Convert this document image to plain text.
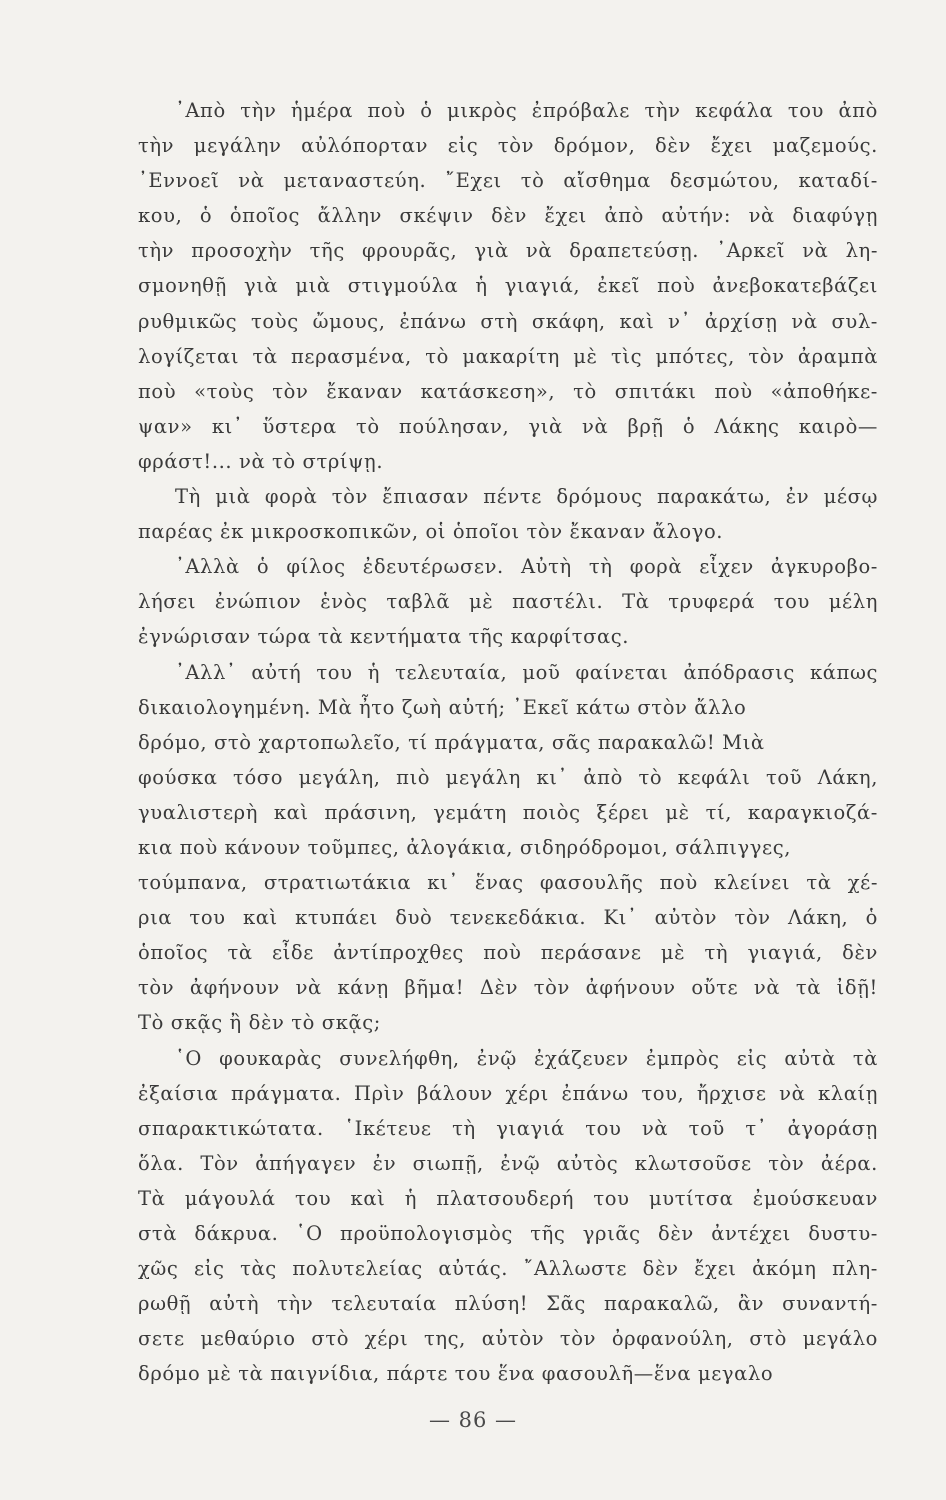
᾽Απὸ τὴν ἡμέρα ποὺ ὁ μικρὸς ἐπρόβαλε τὴν κεφάλα του ἀπὸ
τὴν μεγάλην αὐλόπορταν εἰς τὸν δρόμον, δὲν ἔχει μαζεμούς.
᾽Εννοεῖ νὰ μεταναστεύη. ῎Εχει τὸ αἴσθημα δεσμώτου, καταδί-
κου, ὁ ὁποῖος ἄλλην σκέψιν δὲν ἔχει ἀπὸ αὐτήν: νὰ διαφύγῃ
τὴν προσοχὴν τῆς φρουρᾶς, γιὰ νὰ δραπετεύσῃ. ᾽Αρκεῖ νὰ λη-
σμονηθῇ γιὰ μιὰ στιγμούλα ἡ γιαγιά, ἐκεῖ ποὺ ἀνεβοκατεβάζει
ρυθμικῶς τοὺς ὤμους, ἐπάνω στὴ σκάφη, καὶ ν᾽ ἀρχίσῃ νὰ συλ-
λογίζεται τὰ περασμένα, τὸ μακαρίτη μὲ τὶς μπότες, τὸν ἀραμπὰ
ποὺ «τοὺς τὸν ἔκαναν κατάσκεση», τὸ σπιτάκι ποὺ «ἀποθήκε-
ψαν» κι᾽ ὕστερα τὸ πούλησαν, γιὰ νὰ βρῇ ὁ Λάκης καιρὸ—
φράστ!... νὰ τὸ στρίψῃ.
Τὴ μιὰ φορὰ τὸν ἔπιασαν πέντε δρόμους παρακάτω, ἐν μέσῳ
παρέας ἐκ μικροσκοπικῶν, οἱ ὁποῖοι τὸν ἔκαναν ἄλογο.
᾽Αλλὰ ὁ φίλος ἐδευτέρωσεν. Αὐτὴ τὴ φορὰ εἶχεν ἀγκυροβο-
λήσει ἐνώπιον ἑνὸς ταβλᾶ μὲ παστέλι. Τὰ τρυφερά του μέλη
ἐγνώρισαν τώρα τὰ κεντήματα τῆς καρφίτσας.
᾽Αλλ᾽ αὐτή του ἡ τελευταία, μοῦ φαίνεται ἀπόδρασις κάπως
δικαιολογημένη. Μὰ ἦτο ζωὴ αὐτή; ᾽Εκεῖ κάτω στὸν ἄλλο
δρόμο, στὸ χαρτοπωλεῖο, τί πράγματα, σᾶς παρακαλῶ! Μιὰ
φούσκα τόσο μεγάλη, πιὸ μεγάλη κι᾽ ἀπὸ τὸ κεφάλι τοῦ Λάκη,
γυαλιστερὴ καὶ πράσινη, γεμάτη ποιὸς ξέρει μὲ τί, καραγκιοζά-
κια ποὺ κάνουν τοῦμπες, ἀλογάκια, σιδηρόδρομοι, σάλπιγγες,
τούμπανα, στρατιωτάκια κι᾽ ἕνας φασουλῆς ποὺ κλείνει τὰ χέ-
ρια του καὶ κτυπάει δυὸ τενεκεδάκια. Κι᾽ αὐτὸν τὸν Λάκη, ὁ
ὁποῖος τὰ εἶδε ἀντίπροχθες ποὺ περάσανε μὲ τὴ γιαγιά, δὲν
τὸν ἀφήνουν νὰ κάνῃ βῆμα! Δὲν τὸν ἀφήνουν οὔτε νὰ τὰ ἰδῇ!
Τὸ σκᾷς ἢ δὲν τὸ σκᾷς;
῾Ο φουκαρὰς συνελήφθη, ἐνῷ ἐχάζευεν ἐμπρὸς εἰς αὐτὰ τὰ
ἐξαίσια πράγματα. Πρὶν βάλουν χέρι ἐπάνω του, ἤρχισε νὰ κλαίῃ
σπαρακτικώτατα. ῾Ικέτευε τὴ γιαγιά του νὰ τοῦ τ᾽ ἀγοράσῃ
ὅλα. Τὸν ἀπήγαγεν ἐν σιωπῇ, ἐνῷ αὐτὸς κλωτσοῦσε τὸν ἀέρα.
Τὰ μάγουλά του καὶ ἡ πλατσουδερή του μυτίτσα ἐμούσκευαν
στὰ δάκρυα. ῾Ο προϋπολογισμὸς τῆς γριᾶς δὲν ἀντέχει δυστυ-
χῶς εἰς τὰς πολυτελείας αὐτάς. ῎Αλλωστε δὲν ἔχει ἀκόμη πλη-
ρωθῇ αὐτὴ τὴν τελευταία πλύση! Σᾶς παρακαλῶ, ἂν συναντή-
σετε μεθαύριο στὸ χέρι της, αὐτὸν τὸν ὀρφανούλη, στὸ μεγάλο
δρόμο μὲ τὰ παιγνίδια, πάρτε του ἕνα φασουλῆ—ἕνα μεγαλο
— 86 —
